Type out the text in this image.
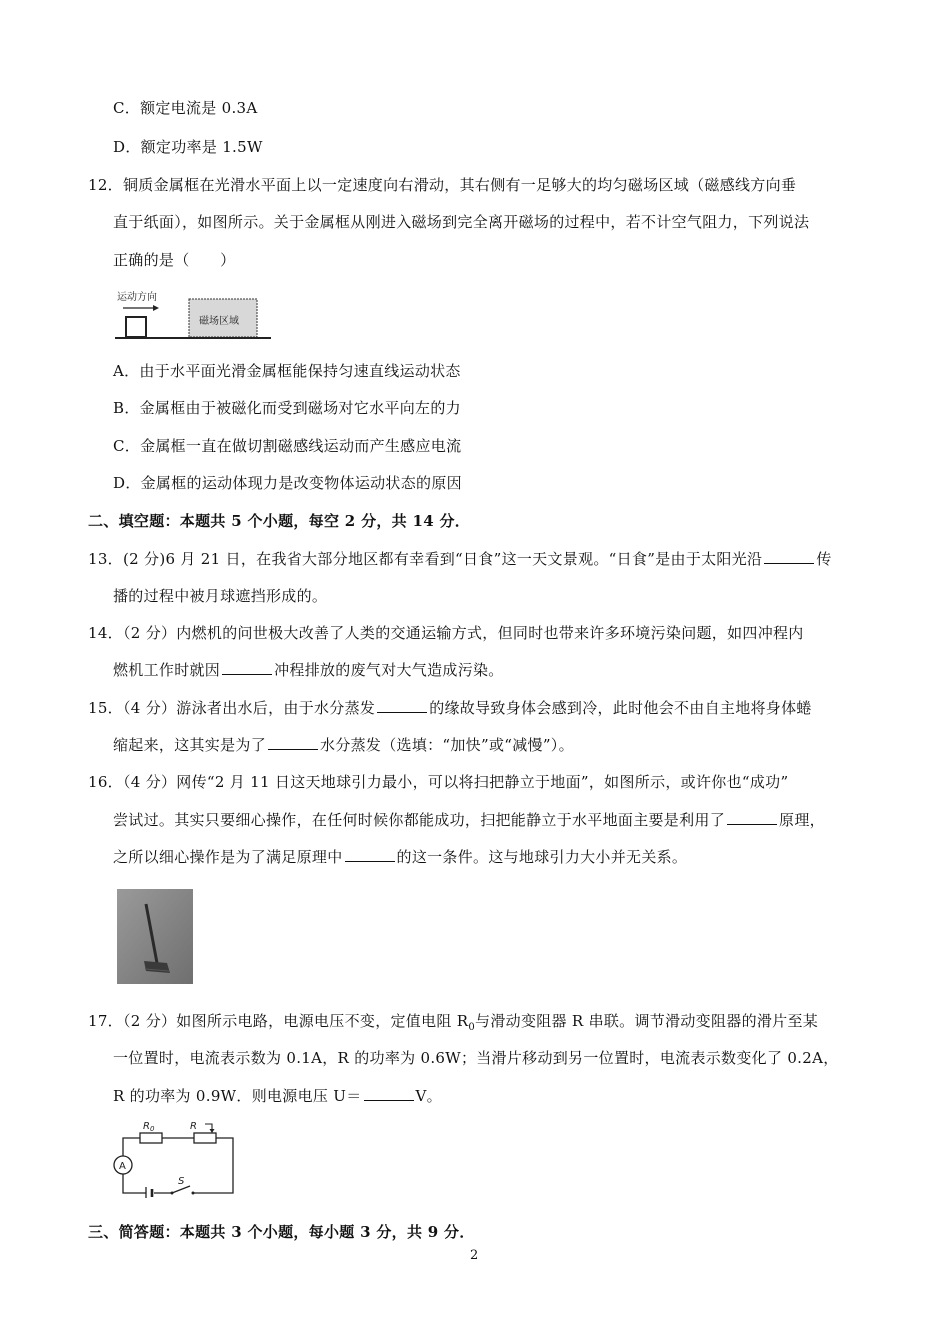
C．额定电流是 0.3A
D．额定功率是 1.5W
12．铜质金属框在光滑水平面上以一定速度向右滑动，其右侧有一足够大的均匀磁场区域（磁感线方向垂
直于纸面），如图所示。关于金属框从刚进入磁场到完全离开磁场的过程中，若不计空气阻力，下列说法
正确的是（　　）
运动方向
磁场区域
A．由于水平面光滑金属框能保持匀速直线运动状态
B．金属框由于被磁化而受到磁场对它水平向左的力
C．金属框一直在做切割磁感线运动而产生感应电流
D．金属框的运动体现力是改变物体运动状态的原因
二、填空题：本题共 5 个小题，每空 2 分，共 14 分．
13．(2 分)6 月 21 日，在我省大部分地区都有幸看到“日食”这一天文景观。“日食”是由于太阳光沿	传
播的过程中被月球遮挡形成的。
14．（2 分）内燃机的问世极大改善了人类的交通运输方式，但同时也带来许多环境污染问题，如四冲程内
燃机工作时就因	冲程排放的废气对大气造成污染。
15．（4 分）游泳者出水后，由于水分蒸发	的缘故导致身体会感到冷，此时他会不由自主地将身体蜷
缩起来，这其实是为了	水分蒸发（选填：“加快”或“减慢”）。
16．（4 分）网传“2 月 11 日这天地球引力最小，可以将扫把静立于地面”，如图所示，或许你也“成功”
尝试过。其实只要细心操作，在任何时候你都能成功，扫把能静立于水平地面主要是利用了	原理，
之所以细心操作是为了满足原理中	的这一条件。这与地球引力大小并无关系。
17．（2 分）如图所示电路，电源电压不变，定值电阻 $R_0$与滑动变阻器 R 串联。调节滑动变阻器的滑片至某
一位置时，电流表示数为 0.1A，R 的功率为 0.6W；当滑片移动到另一位置时，电流表示数变化了 0.2A，
R 的功率为 0.9W．则电源电压 U＝	V。
$R_0$	R
A
S
三、简答题：本题共 3 个小题，每小题 3 分，共 9 分．
2
